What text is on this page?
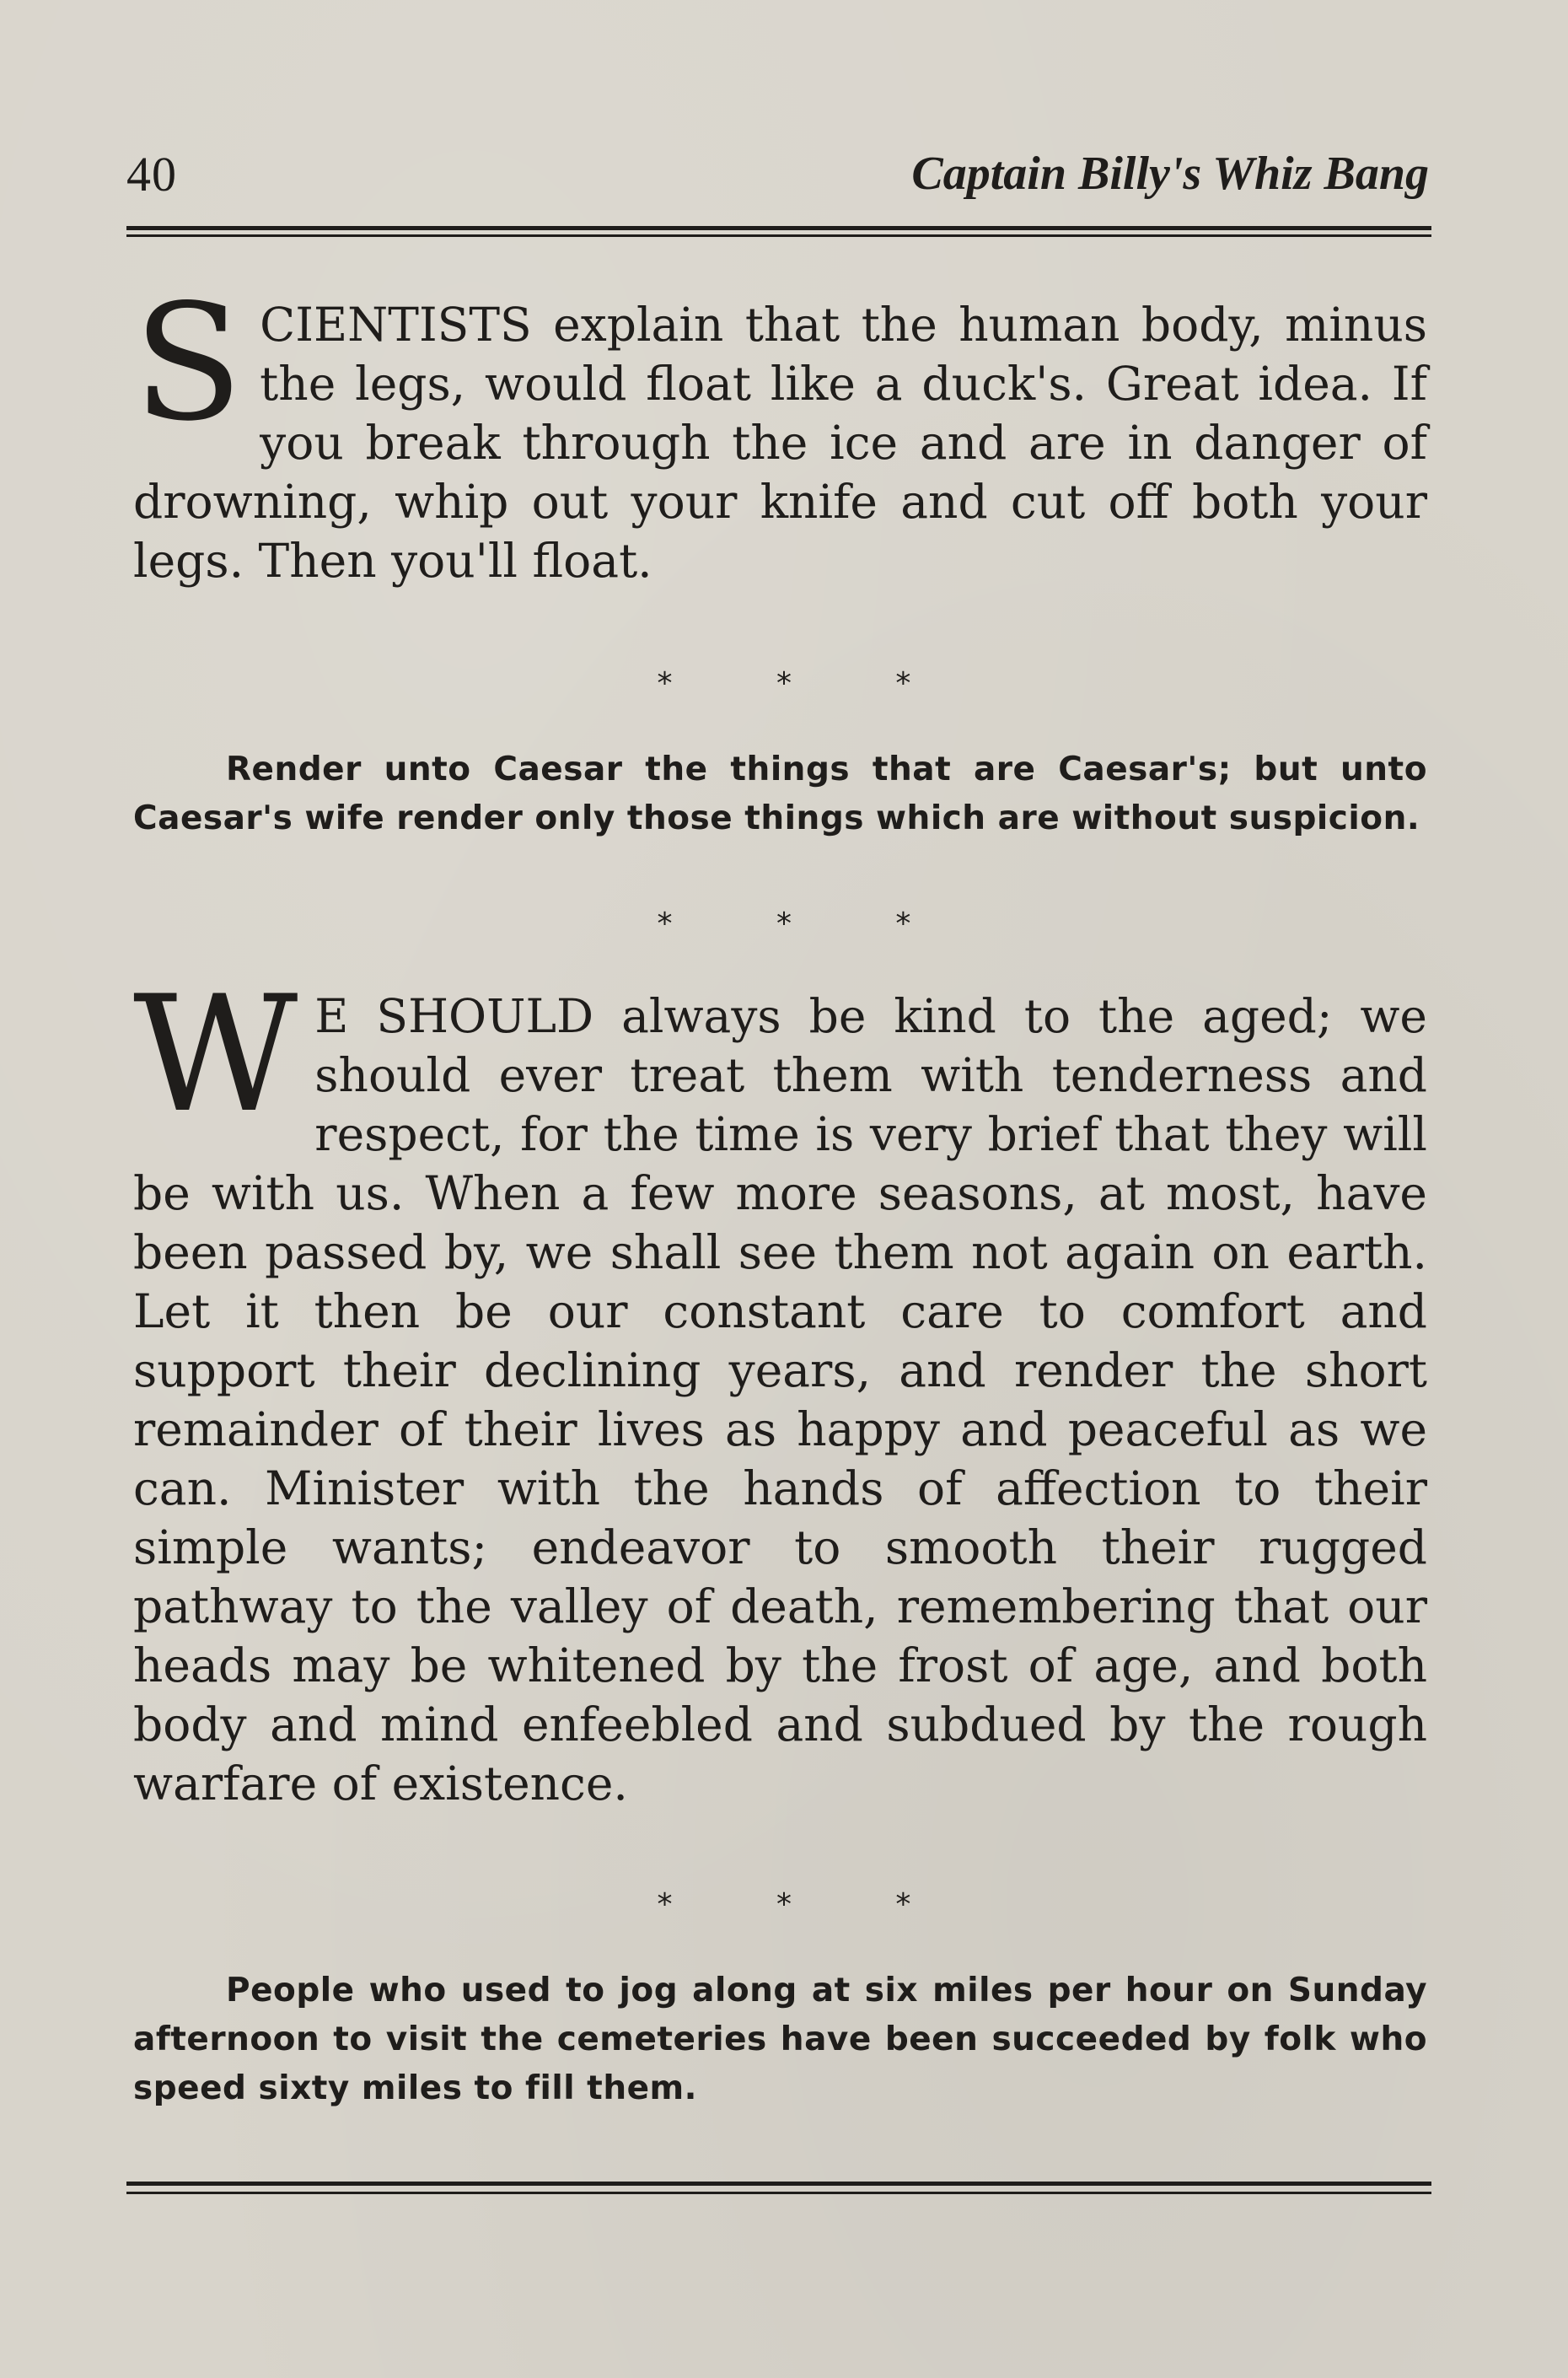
40	Captain Billy's Whiz Bang

SCIENTISTS explain that the human body, minus the legs, would float like a duck's. Great idea. If you break through the ice and are in danger of drowning, whip out your knife and cut off both your legs. Then you'll float.

* * *

Render unto Caesar the things that are Caesar's; but unto Caesar's wife render only those things which are without suspicion.

* * *

W E SHOULD always be kind to the aged; we should ever treat them with tenderness and respect, for the time is very brief that they will be with us. When a few more seasons, at most, have been passed by, we shall see them not again on earth. Let it then be our constant care to comfort and support their declining years, and render the short remainder of their lives as happy and peaceful as we can. Minister with the hands of affection to their simple wants; endeavor to smooth their rugged pathway to the valley of death, remembering that our heads may be whitened by the frost of age, and both body and mind enfeebled and subdued by the rough warfare of existence.

* * *

People who used to jog along at six miles per hour on Sunday afternoon to visit the cemeteries have been succeeded by folk who speed sixty miles to fill them.
